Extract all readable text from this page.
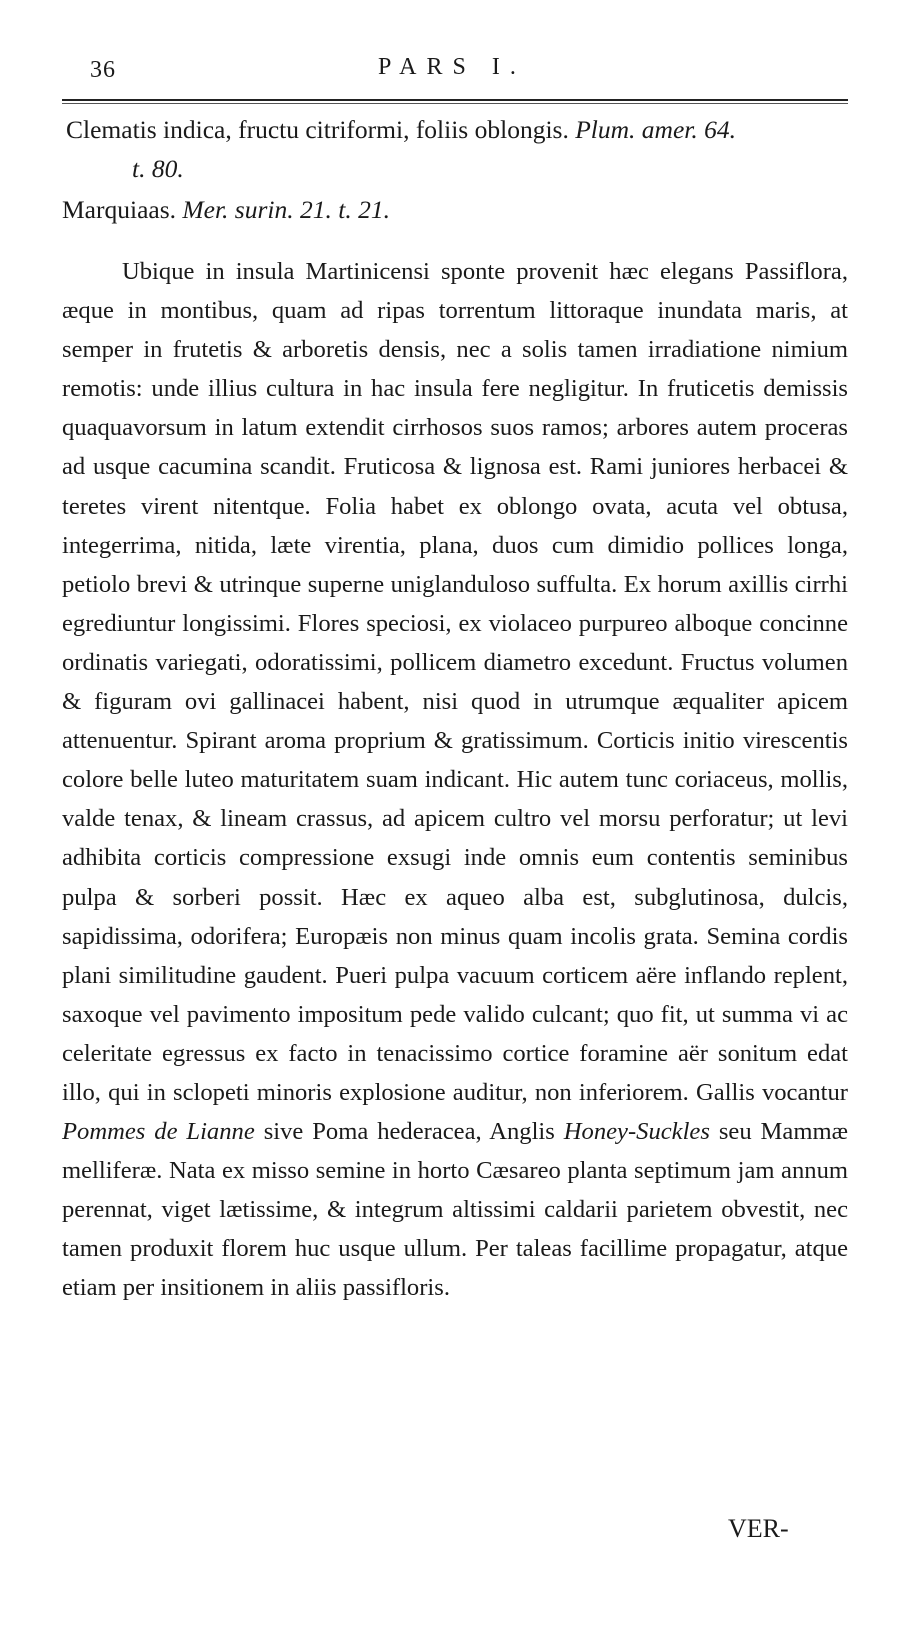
36	PARS I.
Clematis indica, fructu citriformi, foliis oblongis. Plum. amer. 64.
t. 80.
Marquiaas. Mer. surin. 21. t. 21.

Ubique in insula Martinicensi sponte provenit hæc elegans Passiflora, æque in montibus, quam ad ripas torrentum littoraque inundata maris, at semper in frutetis & arboretis densis, nec a solis tamen irradiatione nimium remotis: unde illius cultura in hac insula fere negligitur. In fruticetis demissis quaquavorsum in latum extendit cirrhosos suos ramos; arbores autem proceras ad usque cacumina scandit. Fruticosa & lignosa est. Rami juniores herbacei & teretes virent nitentque. Folia habet ex oblongo ovata, acuta vel obtusa, integerrima, nitida, læte virentia, plana, duos cum dimidio pollices longa, petiolo brevi & utrinque superne uniglanduloso suffulta. Ex horum axillis cirrhi egrediuntur longissimi. Flores speciosi, ex violaceo purpureo alboque concinne ordinatis variegati, odoratissimi, pollicem diametro excedunt. Fructus volumen & figuram ovi gallinacei habent, nisi quod in utrumque æqualiter apicem attenuentur. Spirant aroma proprium & gratissimum. Corticis initio virescentis colore belle luteo maturitatem suam indicant. Hic autem tunc coriaceus, mollis, valde tenax, & lineam crassus, ad apicem cultro vel morsu perforatur; ut levi adhibita corticis compressione exsugi inde omnis eum contentis seminibus pulpa & sorberi possit. Hæc ex aqueo alba est, subglutinosa, dulcis, sapidissima, odorifera; Europæis non minus quam incolis grata. Semina cordis plani similitudine gaudent. Pueri pulpa vacuum corticem aëre inflando replent, saxoque vel pavimento impositum pede valido culcant; quo fit, ut summa vi ac celeritate egressus ex facto in tenacissimo cortice foramine aër sonitum edat illo, qui in sclopeti minoris explosione auditur, non inferiorem. Gallis vocantur Pommes de Lianne sive Poma hederacea, Anglis Honey-Suckles seu Mammæ melliferæ. Nata ex misso semine in horto Cæsareo planta septimum jam annum perennat, viget lætissime, & integrum altissimi caldarii parietem obvestit, nec tamen produxit florem huc usque ullum. Per taleas facillime propagatur, atque etiam per insitionem in aliis passifloris.

VER-
